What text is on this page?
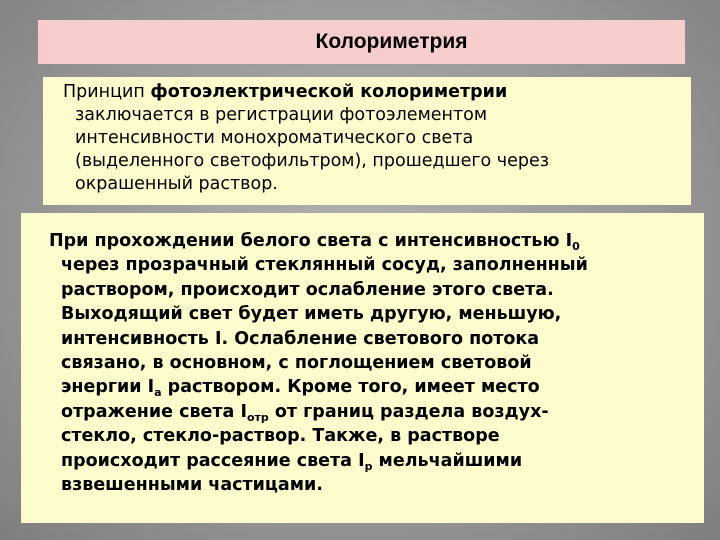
Колориметрия
Принцип фотоэлектрической колориметрии
заключается в регистрации фотоэлементом
интенсивности монохроматического света
(выделенного светофильтром), прошедшего через
окрашенный раствор.
При прохождении белого света с интенсивностью $I_0$
через прозрачный стеклянный сосуд, заполненный
раствором, происходит ослабление этого света.
Выходящий свет будет иметь другую, меньшую,
интенсивность I. Ослабление светового потока
связано, в основном, с поглощением световой
энергии $I_а$ раствором. Кроме того, имеет место
отражение света $I_{отр}$ от границ раздела воздух-
стекло, стекло-раствор. Также, в растворе
происходит рассеяние света $I_р$ мельчайшими
взвешенными частицами.
